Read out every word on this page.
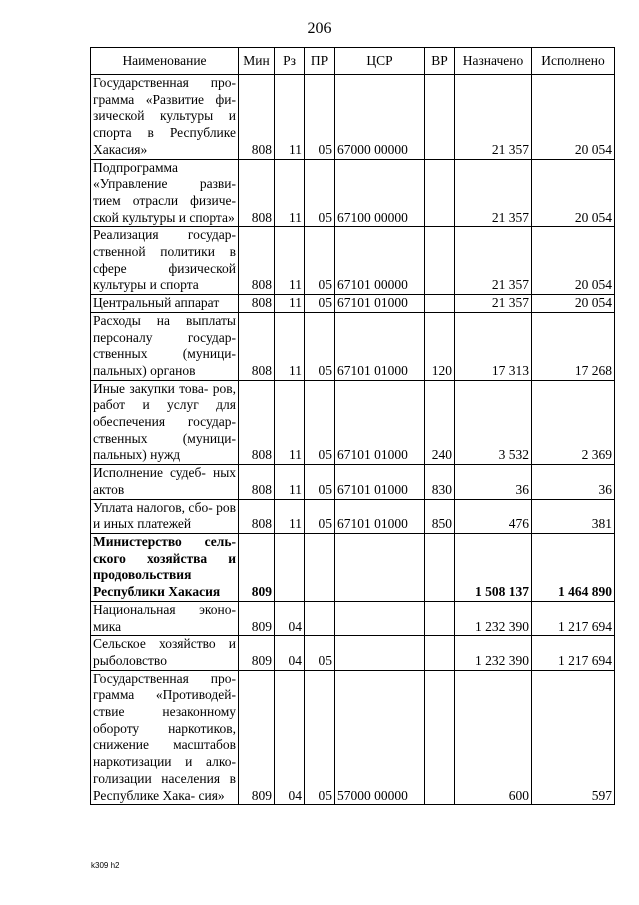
206
Наименование	Мин	Рз	ПР	ЦСР	ВР	Назначено	Исполнено
Государственная про- грамма «Развитие фи- зической культуры и спорта в Республике Хакасия»	808	11	05	67000 00000		21 357	20 054
Подпрограмма «Управление разви- тием отрасли физиче- ской культуры и спорта»	808	11	05	67100 00000		21 357	20 054
Реализация государ- ственной политики в сфере физической культуры и спорта	808	11	05	67101 00000		21 357	20 054
Центральный аппарат	808	11	05	67101 01000		21 357	20 054
Расходы на выплаты персоналу государ- ственных (муници- пальных) органов	808	11	05	67101 01000	120	17 313	17 268
Иные закупки това- ров, работ и услуг для обеспечения государ- ственных (муници- пальных) нужд	808	11	05	67101 01000	240	3 532	2 369
Исполнение судеб- ных актов	808	11	05	67101 01000	830	36	36
Уплата налогов, сбо- ров и иных платежей	808	11	05	67101 01000	850	476	381
Министерство сель- ского хозяйства и продовольствия Республики Хакасия	809					1 508 137	1 464 890
Национальная эконо- мика	809	04				1 232 390	1 217 694
Сельское хозяйство и рыболовство	809	04	05			1 232 390	1 217 694
Государственная про- грамма «Противодей- ствие незаконному обороту наркотиков, снижение масштабов наркотизации и алко- голизации населения в Республике Хака- сия»	809	04	05	57000 00000		600	597
k309 h2
